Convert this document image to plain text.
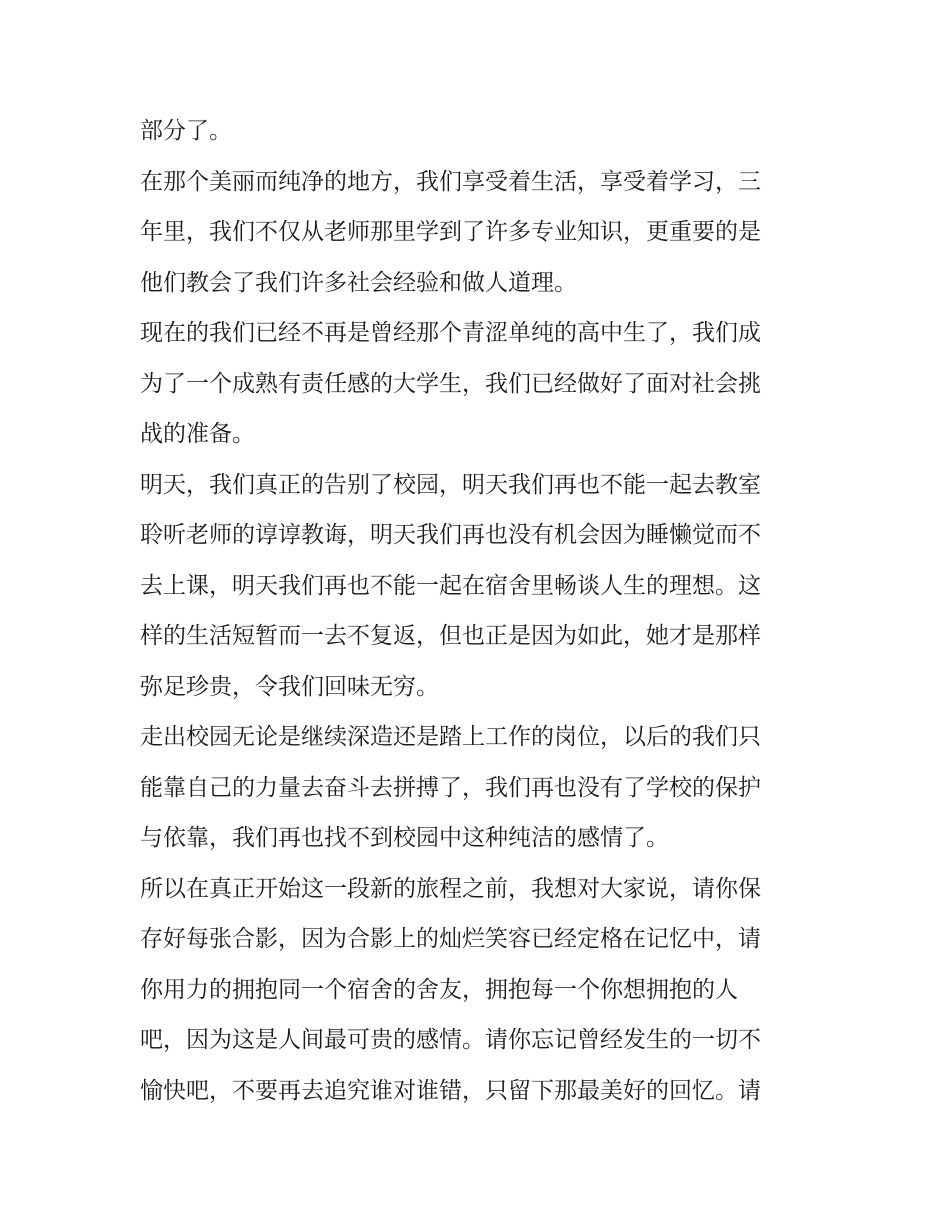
部分了。
在那个美丽而纯净的地方，我们享受着生活，享受着学习，三
年里，我们不仅从老师那里学到了许多专业知识，更重要的是
他们教会了我们许多社会经验和做人道理。
现在的我们已经不再是曾经那个青涩单纯的高中生了，我们成
为了一个成熟有责任感的大学生，我们已经做好了面对社会挑
战的准备。
明天，我们真正的告别了校园，明天我们再也不能一起去教室
聆听老师的谆谆教诲，明天我们再也没有机会因为睡懒觉而不
去上课，明天我们再也不能一起在宿舍里畅谈人生的理想。这
样的生活短暂而一去不复返，但也正是因为如此，她才是那样
弥足珍贵，令我们回味无穷。
走出校园无论是继续深造还是踏上工作的岗位，以后的我们只
能靠自己的力量去奋斗去拼搏了，我们再也没有了学校的保护
与依靠，我们再也找不到校园中这种纯洁的感情了。
所以在真正开始这一段新的旅程之前，我想对大家说，请你保
存好每张合影，因为合影上的灿烂笑容已经定格在记忆中，请
你用力的拥抱同一个宿舍的舍友，拥抱每一个你想拥抱的人
吧，因为这是人间最可贵的感情。请你忘记曾经发生的一切不
愉快吧，不要再去追究谁对谁错，只留下那最美好的回忆。请
